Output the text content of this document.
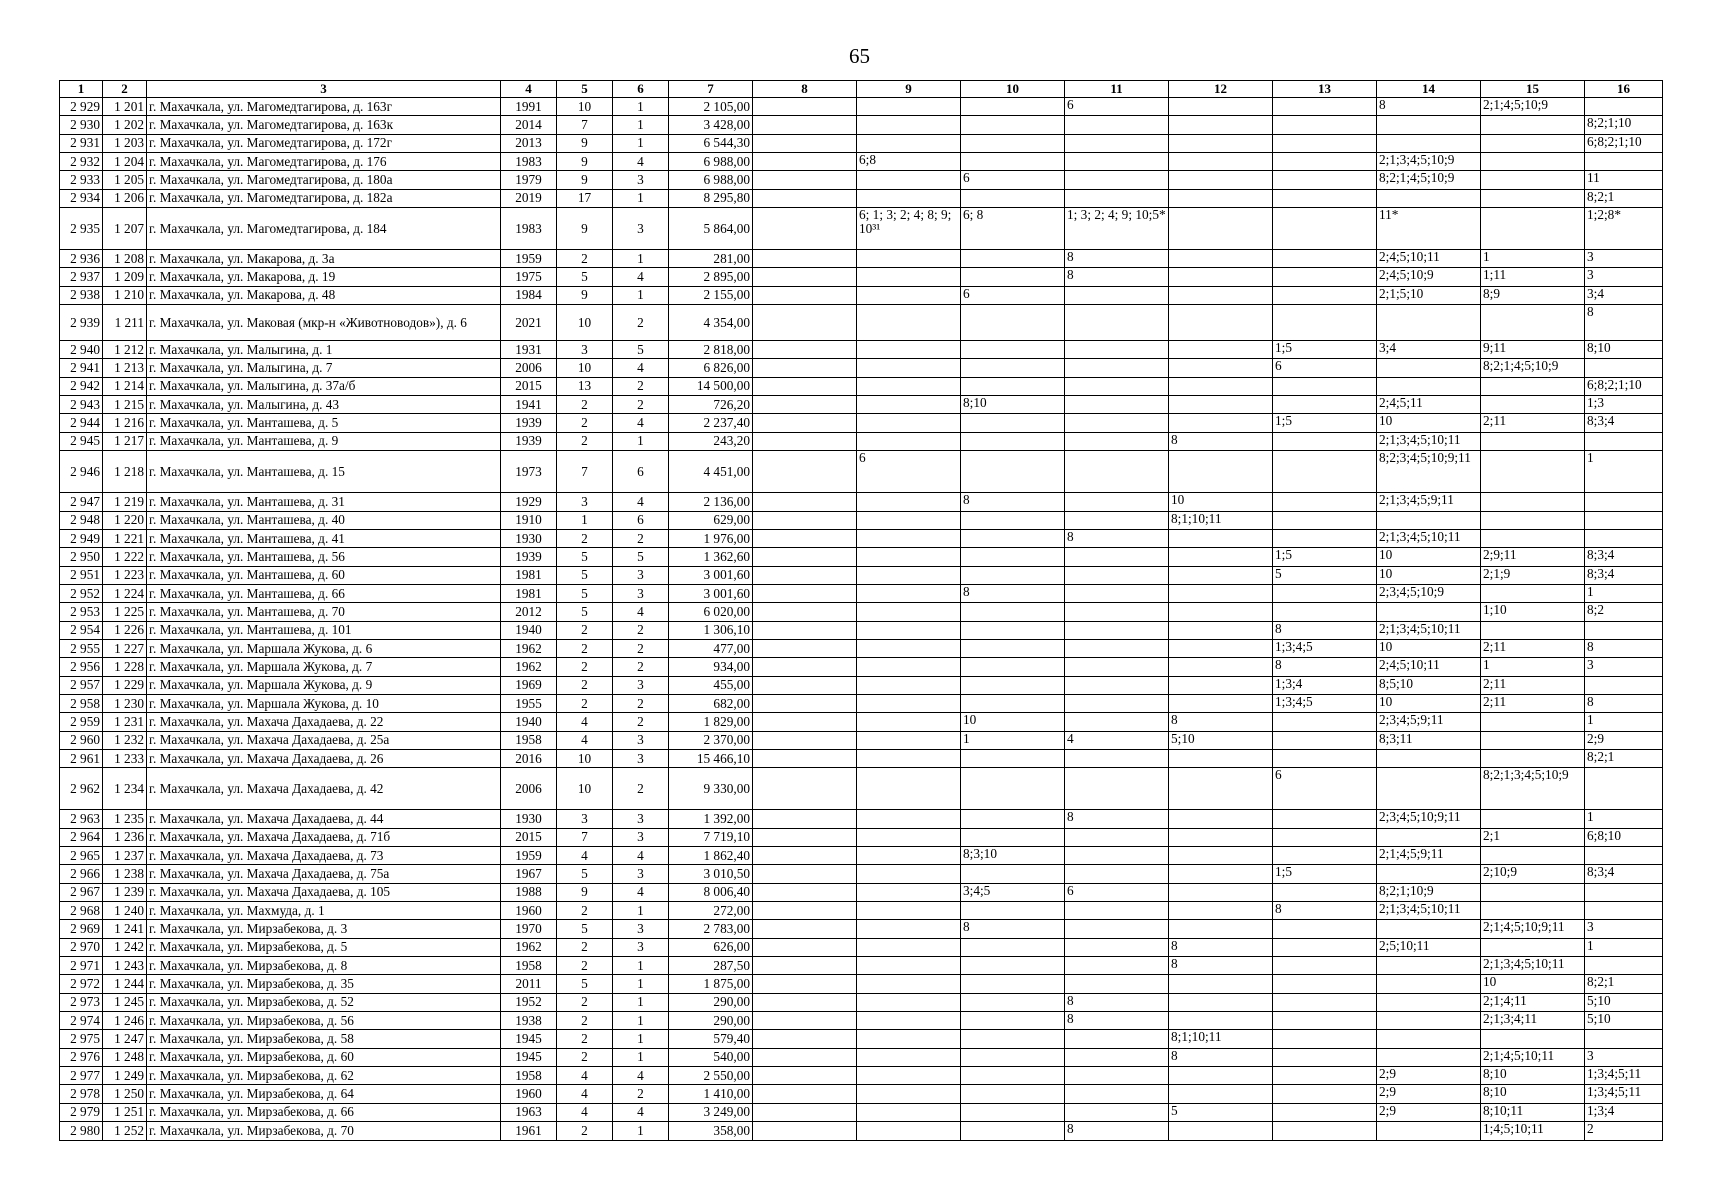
65
1	2	3	4	5	6	7	8	9	10	11	12	13	14	15	16
2 929	1 201	г. Махачкала, ул. Магомедтагирова, д. 163г	1991	10	1	2 105,00				6			8	2;1;4;5;10;9	
2 930	1 202	г. Махачкала, ул. Магомедтагирова, д. 163к	2014	7	1	3 428,00									8;2;1;10
2 931	1 203	г. Махачкала, ул. Магомедтагирова, д. 172г	2013	9	1	6 544,30									6;8;2;1;10
2 932	1 204	г. Махачкала, ул. Магомедтагирова, д. 176	1983	9	4	6 988,00		6;8					2;1;3;4;5;10;9		
2 933	1 205	г. Махачкала, ул. Магомедтагирова, д. 180а	1979	9	3	6 988,00			6				8;2;1;4;5;10;9		11
2 934	1 206	г. Махачкала, ул. Магомедтагирова, д. 182а	2019	17	1	8 295,80									8;2;1
2 935	1 207	г. Махачкала, ул. Магомедтагирова, д. 184	1983	9	3	5 864,00		6; 1; 3; 2; 4; 8; 9; 10³¹	6; 8	1; 3; 2; 4; 9; 10;5*			11*		1;2;8*
2 936	1 208	г. Махачкала, ул. Макарова, д. 3а	1959	2	1	281,00				8			2;4;5;10;11	1	3
2 937	1 209	г. Махачкала, ул. Макарова, д. 19	1975	5	4	2 895,00				8			2;4;5;10;9	1;11	3
2 938	1 210	г. Махачкала, ул. Макарова, д. 48	1984	9	1	2 155,00			6				2;1;5;10	8;9	3;4
2 939	1 211	г. Махачкала, ул. Маковая (мкр-н «Животноводов»), д. 6	2021	10	2	4 354,00									8
2 940	1 212	г. Махачкала, ул. Малыгина, д. 1	1931	3	5	2 818,00						1;5	3;4	9;11	8;10
2 941	1 213	г. Махачкала, ул. Малыгина, д. 7	2006	10	4	6 826,00						6		8;2;1;4;5;10;9	
2 942	1 214	г. Махачкала, ул. Малыгина, д. 37а/б	2015	13	2	14 500,00									6;8;2;1;10
2 943	1 215	г. Махачкала, ул. Малыгина, д. 43	1941	2	2	726,20			8;10				2;4;5;11		1;3
2 944	1 216	г. Махачкала, ул. Манташева, д. 5	1939	2	4	2 237,40						1;5	10	2;11	8;3;4
2 945	1 217	г. Махачкала, ул. Манташева, д. 9	1939	2	1	243,20					8		2;1;3;4;5;10;11		
2 946	1 218	г. Махачкала, ул. Манташева, д. 15	1973	7	6	4 451,00		6					8;2;3;4;5;10;9;11		1
2 947	1 219	г. Махачкала, ул. Манташева, д. 31	1929	3	4	2 136,00			8		10		2;1;3;4;5;9;11		
2 948	1 220	г. Махачкала, ул. Манташева, д. 40	1910	1	6	629,00					8;1;10;11				
2 949	1 221	г. Махачкала, ул. Манташева, д. 41	1930	2	2	1 976,00				8			2;1;3;4;5;10;11		
2 950	1 222	г. Махачкала, ул. Манташева, д. 56	1939	5	5	1 362,60						1;5	10	2;9;11	8;3;4
2 951	1 223	г. Махачкала, ул. Манташева, д. 60	1981	5	3	3 001,60						5	10	2;1;9	8;3;4
2 952	1 224	г. Махачкала, ул. Манташева, д. 66	1981	5	3	3 001,60			8				2;3;4;5;10;9		1
2 953	1 225	г. Махачкала, ул. Манташева, д. 70	2012	5	4	6 020,00								1;10	8;2
2 954	1 226	г. Махачкала, ул. Манташева, д. 101	1940	2	2	1 306,10						8	2;1;3;4;5;10;11		
2 955	1 227	г. Махачкала, ул. Маршала Жукова, д. 6	1962	2	2	477,00						1;3;4;5	10	2;11	8
2 956	1 228	г. Махачкала, ул. Маршала Жукова, д. 7	1962	2	2	934,00						8	2;4;5;10;11	1	3
2 957	1 229	г. Махачкала, ул. Маршала Жукова, д. 9	1969	2	3	455,00						1;3;4	8;5;10	2;11	
2 958	1 230	г. Махачкала, ул. Маршала Жукова, д. 10	1955	2	2	682,00						1;3;4;5	10	2;11	8
2 959	1 231	г. Махачкала, ул. Махача Дахадаева, д. 22	1940	4	2	1 829,00			10		8		2;3;4;5;9;11		1
2 960	1 232	г. Махачкала, ул. Махача Дахадаева, д. 25а	1958	4	3	2 370,00			1	4	5;10		8;3;11		2;9
2 961	1 233	г. Махачкала, ул. Махача Дахадаева, д. 26	2016	10	3	15 466,10									8;2;1
2 962	1 234	г. Махачкала, ул. Махача Дахадаева, д. 42	2006	10	2	9 330,00						6		8;2;1;3;4;5;10;9	
2 963	1 235	г. Махачкала, ул. Махача Дахадаева, д. 44	1930	3	3	1 392,00				8			2;3;4;5;10;9;11		1
2 964	1 236	г. Махачкала, ул. Махача Дахадаева, д. 71б	2015	7	3	7 719,10								2;1	6;8;10
2 965	1 237	г. Махачкала, ул. Махача Дахадаева, д. 73	1959	4	4	1 862,40			8;3;10				2;1;4;5;9;11		
2 966	1 238	г. Махачкала, ул. Махача Дахадаева, д. 75а	1967	5	3	3 010,50						1;5		2;10;9	8;3;4
2 967	1 239	г. Махачкала, ул. Махача Дахадаева, д. 105	1988	9	4	8 006,40			3;4;5	6			8;2;1;10;9		
2 968	1 240	г. Махачкала, ул. Махмуда, д. 1	1960	2	1	272,00						8	2;1;3;4;5;10;11		
2 969	1 241	г. Махачкала, ул. Мирзабекова, д. 3	1970	5	3	2 783,00			8					2;1;4;5;10;9;11	3
2 970	1 242	г. Махачкала, ул. Мирзабекова, д. 5	1962	2	3	626,00					8		2;5;10;11		1
2 971	1 243	г. Махачкала, ул. Мирзабекова, д. 8	1958	2	1	287,50					8			2;1;3;4;5;10;11	
2 972	1 244	г. Махачкала, ул. Мирзабекова, д. 35	2011	5	1	1 875,00								10	8;2;1
2 973	1 245	г. Махачкала, ул. Мирзабекова, д. 52	1952	2	1	290,00				8				2;1;4;11	5;10
2 974	1 246	г. Махачкала, ул. Мирзабекова, д. 56	1938	2	1	290,00				8				2;1;3;4;11	5;10
2 975	1 247	г. Махачкала, ул. Мирзабекова, д. 58	1945	2	1	579,40					8;1;10;11				
2 976	1 248	г. Махачкала, ул. Мирзабекова, д. 60	1945	2	1	540,00					8			2;1;4;5;10;11	3
2 977	1 249	г. Махачкала, ул. Мирзабекова, д. 62	1958	4	4	2 550,00							2;9	8;10	1;3;4;5;11
2 978	1 250	г. Махачкала, ул. Мирзабекова, д. 64	1960	4	2	1 410,00							2;9	8;10	1;3;4;5;11
2 979	1 251	г. Махачкала, ул. Мирзабекова, д. 66	1963	4	4	3 249,00					5		2;9	8;10;11	1;3;4
2 980	1 252	г. Махачкала, ул. Мирзабекова, д. 70	1961	2	1	358,00				8				1;4;5;10;11	2
